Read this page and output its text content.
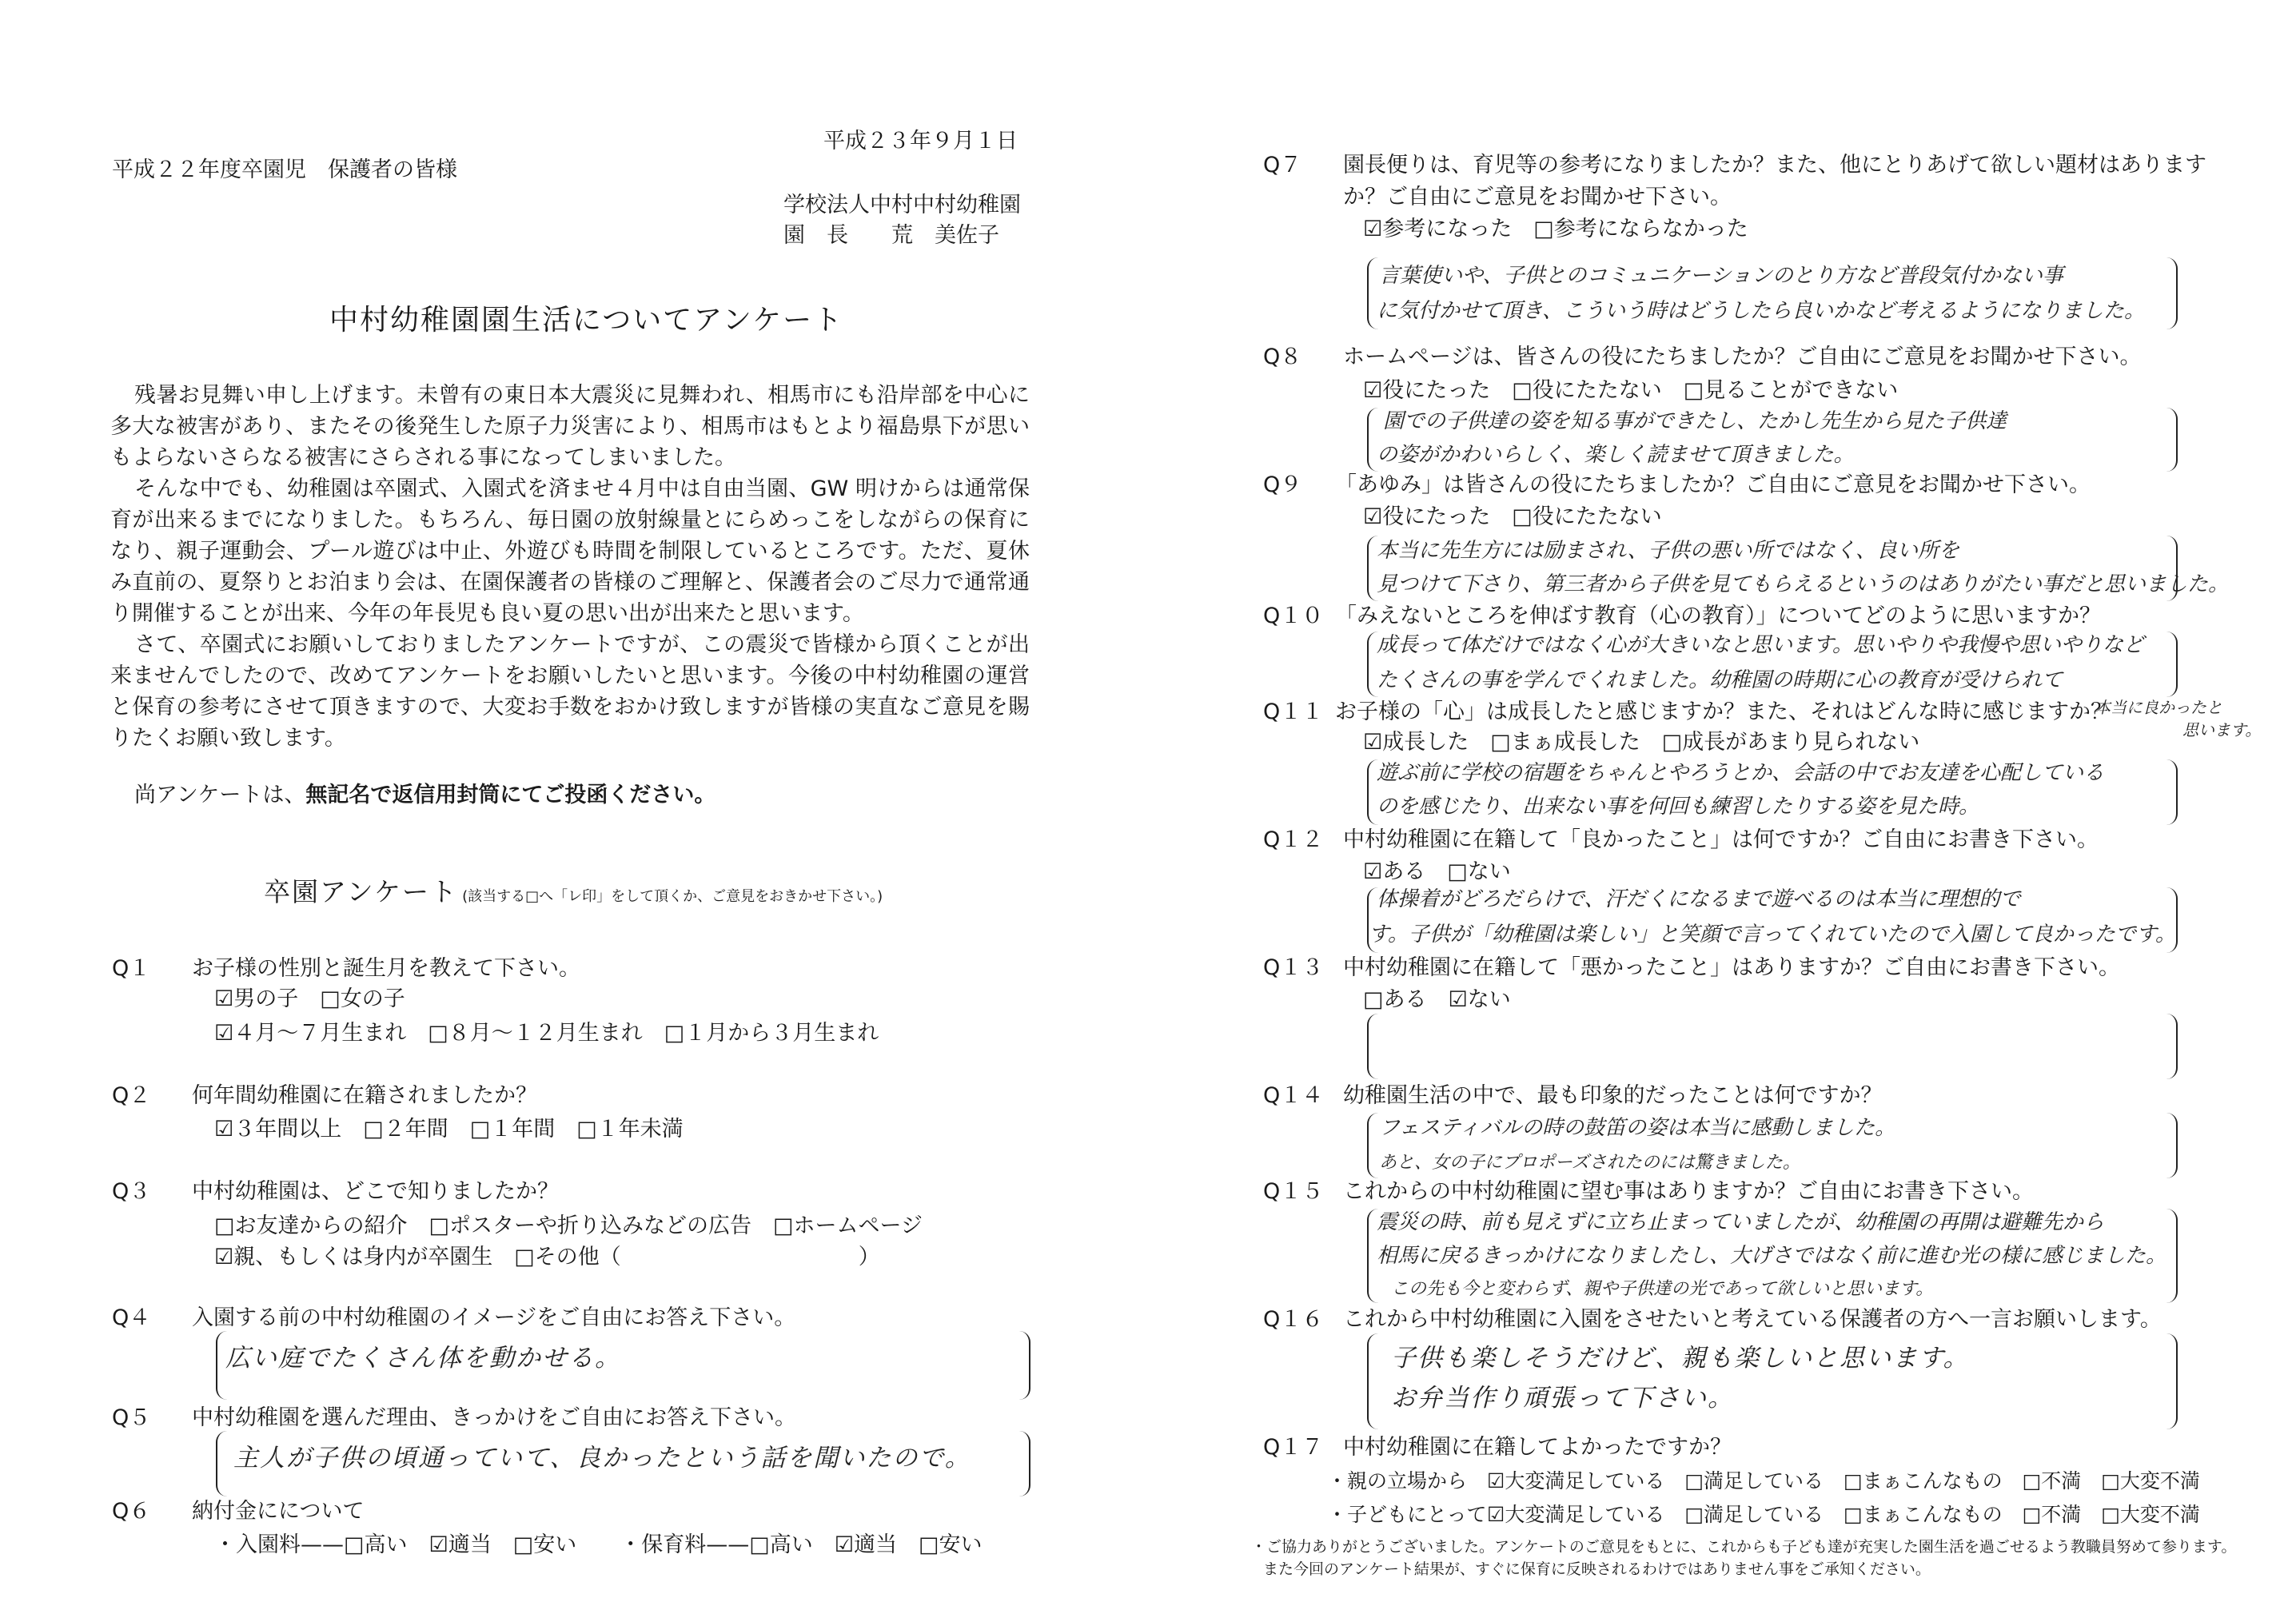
平成２３年９月１日
平成２２年度卒園児　保護者の皆様
学校法人中村中村幼稚園
園　長　　荒　美佐子
中村幼稚園園生活についてアンケート
残暑お見舞い申し上げます。未曾有の東日本大震災に見舞われ、相馬市にも沿岸部を中心に多大な被害があり、またその後発生した原子力災害により、相馬市はもとより福島県下が思いもよらないさらなる被害にさらされる事になってしまいました。
そんな中でも、幼稚園は卒園式、入園式を済ませ４月中は自由当園、GW 明けからは通常保育が出来るまでになりました。もちろん、毎日園の放射線量とにらめっこをしながらの保育になり、親子運動会、プール遊びは中止、外遊びも時間を制限しているところです。ただ、夏休み直前の、夏祭りとお泊まり会は、在園保護者の皆様のご理解と、保護者会のご尽力で通常通り開催することが出来、今年の年長児も良い夏の思い出が出来たと思います。
さて、卒園式にお願いしておりましたアンケートですが、この震災で皆様から頂くことが出来ませんでしたので、改めてアンケートをお願いしたいと思います。今後の中村幼稚園の運営と保育の参考にさせて頂きますので、大変お手数をおかけ致しますが皆様の実直なご意見を賜りたくお願い致します。
尚アンケートは、無記名で返信用封筒にてご投函ください。
卒園アンケート (該当する□へ「レ印」をして頂くか、ご意見をおきかせ下さい。)
Q１ お子様の性別と誕生月を教えて下さい。
☑男の子　□女の子
☑４月〜７月生まれ　□８月〜１２月生まれ　□１月から３月生まれ
Q２ 何年間幼稚園に在籍されましたか？
☑３年間以上　□２年間　□１年間　□１年未満
Q３ 中村幼稚園は、どこで知りましたか？
□お友達からの紹介　□ポスターや折り込みなどの広告　□ホームページ
☑親、もしくは身内が卒園生　□その他（　　　　　　　　　　　）
Q４ 入園する前の中村幼稚園のイメージをご自由にお答え下さい。
広い庭でたくさん体を動かせる。
Q５ 中村幼稚園を選んだ理由、きっかけをご自由にお答え下さい。
主人が子供の頃通っていて、良かったという話を聞いたので。
Q６ 納付金にについて
・入園料——□高い　☑適当　□安い　　・保育料——□高い　☑適当　□安い
Q７ 園長便りは、育児等の参考になりましたか？また、他にとりあげて欲しい題材はあります
か？ご自由にご意見をお聞かせ下さい。
☑参考になった　□参考にならなかった
言葉使いや、子供とのコミュニケーションのとり方など普段気付かない事
に気付かせて頂き、こういう時はどうしたら良いかなど考えるようになりました。
Q８ ホームページは、皆さんの役にたちましたか？ご自由にご意見をお聞かせ下さい。
☑役にたった　□役にたたない　□見ることができない
園での子供達の姿を知る事ができたし、たかし先生から見た子供達
の姿がかわいらしく、楽しく読ませて頂きました。
Q９ 「あゆみ」は皆さんの役にたちましたか？ご自由にご意見をお聞かせ下さい。
☑役にたった　□役にたたない
本当に先生方には励まされ、子供の悪い所ではなく、良い所を
見つけて下さり、第三者から子供を見てもらえるというのはありがたい事だと思いました。
Q１０ 「みえないところを伸ばす教育（心の教育）」についてどのように思いますか？
成長って体だけではなく心が大きいなと思います。思いやりや我慢や思いやりなど
たくさんの事を学んでくれました。幼稚園の時期に心の教育が受けられて
Q１１ お子様の「心」は成長したと感じますか？また、それはどんな時に感じますか？
本当に良かったと
思います。
☑成長した　□まぁ成長した　□成長があまり見られない
遊ぶ前に学校の宿題をちゃんとやろうとか、会話の中でお友達を心配している
のを感じたり、出来ない事を何回も練習したりする姿を見た時。
Q１２ 中村幼稚園に在籍して「良かったこと」は何ですか？ご自由にお書き下さい。
☑ある　□ない
体操着がどろだらけで、汗だくになるまで遊べるのは本当に理想的で
す。子供が「幼稚園は楽しい」と笑顔で言ってくれていたので入園して良かったです。
Q１３ 中村幼稚園に在籍して「悪かったこと」はありますか？ご自由にお書き下さい。
□ある　☑ない
Q１４ 幼稚園生活の中で、最も印象的だったことは何ですか？
フェスティバルの時の鼓笛の姿は本当に感動しました。
あと、女の子にプロポーズされたのには驚きました。
Q１５ これからの中村幼稚園に望む事はありますか？ご自由にお書き下さい。
震災の時、前も見えずに立ち止まっていましたが、幼稚園の再開は避難先から
相馬に戻るきっかけになりましたし、大げさではなく前に進む光の様に感じました。
この先も今と変わらず、親や子供達の光であって欲しいと思います。
Q１６ これから中村幼稚園に入園をさせたいと考えている保護者の方へ一言お願いします。
子供も楽しそうだけど、親も楽しいと思います。
お弁当作り頑張って下さい。
Q１７ 中村幼稚園に在籍してよかったですか？
・親の立場から ☑大変満足している　□満足している　□まぁこんなもの　□不満　□大変不満
・子どもにとって ☑大変満足している　□満足している　□まぁこんなもの　□不満　□大変不満
・ご協力ありがとうございました。アンケートのご意見をもとに、これからも子ども達が充実した園生活を過ごせるよう教職員努めて参ります。
また今回のアンケート結果が、すぐに保育に反映されるわけではありません事をご承知ください。
